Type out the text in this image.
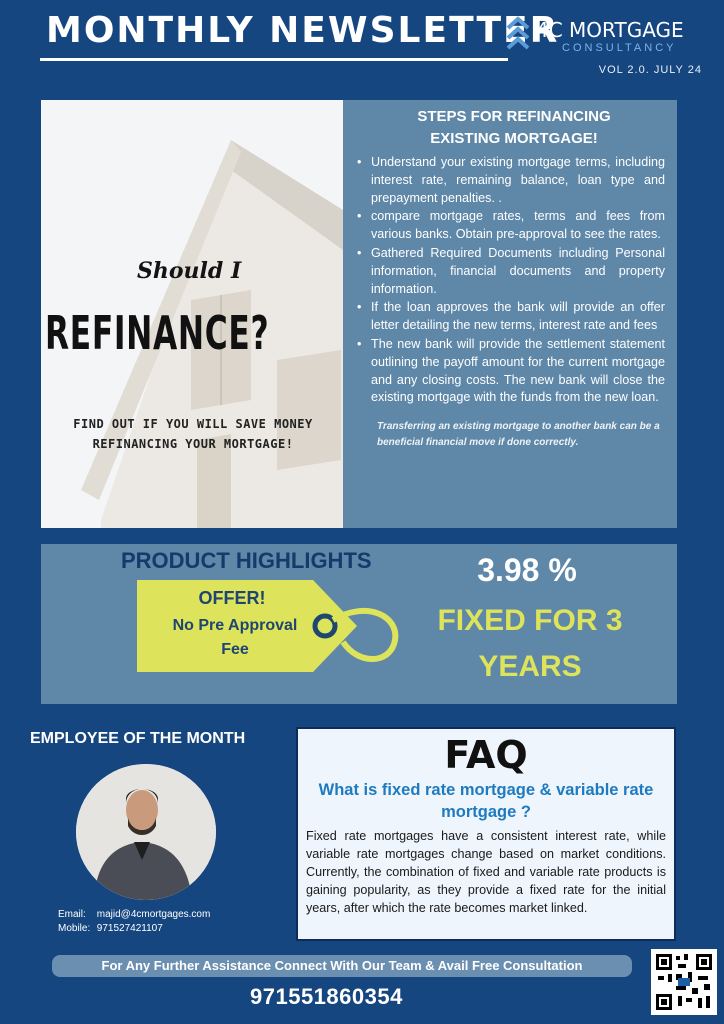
MONTHLY NEWSLETTER
4C MORTGAGE
CONSULTANCY
VOL 2.0. JULY 24
Should I
REFINANCE?
FIND OUT IF YOU WILL SAVE MONEY REFINANCING YOUR MORTGAGE!
STEPS FOR REFINANCING
EXISTING MORTGAGE!
• Understand your existing mortgage terms, including interest rate, remaining balance, loan type and prepayment penalties. .
• compare mortgage rates, terms and fees from various banks. Obtain pre-approval to see the rates.
• Gathered Required Documents including Personal information, financial documents and property information.
• If the loan approves the bank will provide an offer letter detailing the new terms, interest rate and fees
• The new bank will provide the settlement statement outlining the payoff amount for the current mortgage and any closing costs. The new bank will close the existing mortgage with the funds from the new loan.
Transferring an existing mortgage to another bank can be a beneficial financial move if done correctly.
PRODUCT HIGHLIGHTS
OFFER!
No Pre Approval
Fee
3.98 %
FIXED FOR 3
YEARS
EMPLOYEE OF THE MONTH
Email: majid@4cmortgages.com
Mobile: 971527421107
FAQ
What is fixed rate mortgage & variable rate mortgage ?
Fixed rate mortgages have a consistent interest rate, while variable rate mortgages change based on market conditions. Currently, the combination of fixed and variable rate products is gaining popularity, as they provide a fixed rate for the initial years, after which the rate becomes market linked.
For Any Further Assistance Connect With Our Team & Avail Free Consultation
971551860354
